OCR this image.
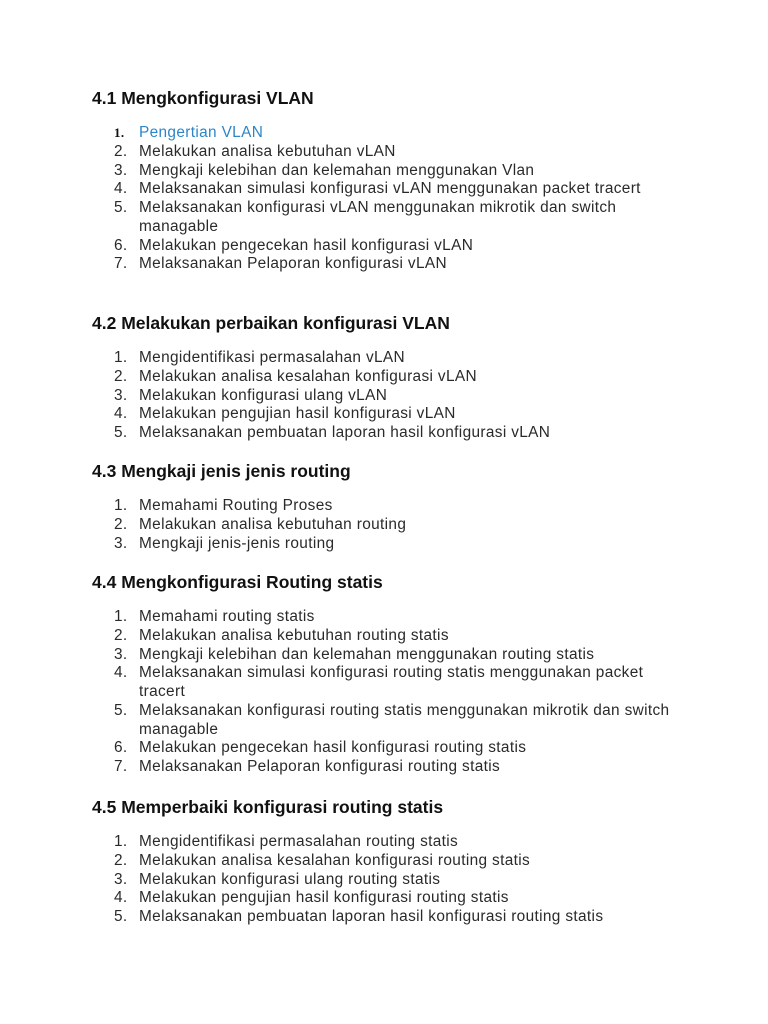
4.1 Mengkonfigurasi VLAN
1. Pengertian VLAN
2. Melakukan analisa kebutuhan vLAN
3. Mengkaji kelebihan dan kelemahan menggunakan Vlan
4. Melaksanakan simulasi konfigurasi vLAN menggunakan packet tracert
5. Melaksanakan konfigurasi vLAN menggunakan mikrotik dan switch managable
6. Melakukan pengecekan hasil konfigurasi vLAN
7. Melaksanakan Pelaporan konfigurasi vLAN
4.2 Melakukan perbaikan konfigurasi VLAN
1. Mengidentifikasi permasalahan vLAN
2. Melakukan analisa kesalahan konfigurasi vLAN
3. Melakukan konfigurasi ulang vLAN
4. Melakukan pengujian hasil konfigurasi vLAN
5. Melaksanakan pembuatan laporan hasil konfigurasi vLAN
4.3 Mengkaji jenis jenis routing
1. Memahami Routing Proses
2. Melakukan analisa kebutuhan routing
3. Mengkaji jenis-jenis routing
4.4 Mengkonfigurasi Routing statis
1. Memahami routing statis
2. Melakukan analisa kebutuhan routing statis
3. Mengkaji kelebihan dan kelemahan menggunakan routing statis
4. Melaksanakan simulasi konfigurasi routing statis menggunakan packet tracert
5. Melaksanakan konfigurasi routing statis menggunakan mikrotik dan switch managable
6. Melakukan pengecekan hasil konfigurasi routing statis
7. Melaksanakan Pelaporan konfigurasi routing statis
4.5 Memperbaiki konfigurasi routing statis
1. Mengidentifikasi permasalahan routing statis
2. Melakukan analisa kesalahan konfigurasi routing statis
3. Melakukan konfigurasi ulang routing statis
4. Melakukan pengujian hasil konfigurasi routing statis
5. Melaksanakan pembuatan laporan hasil konfigurasi routing statis
